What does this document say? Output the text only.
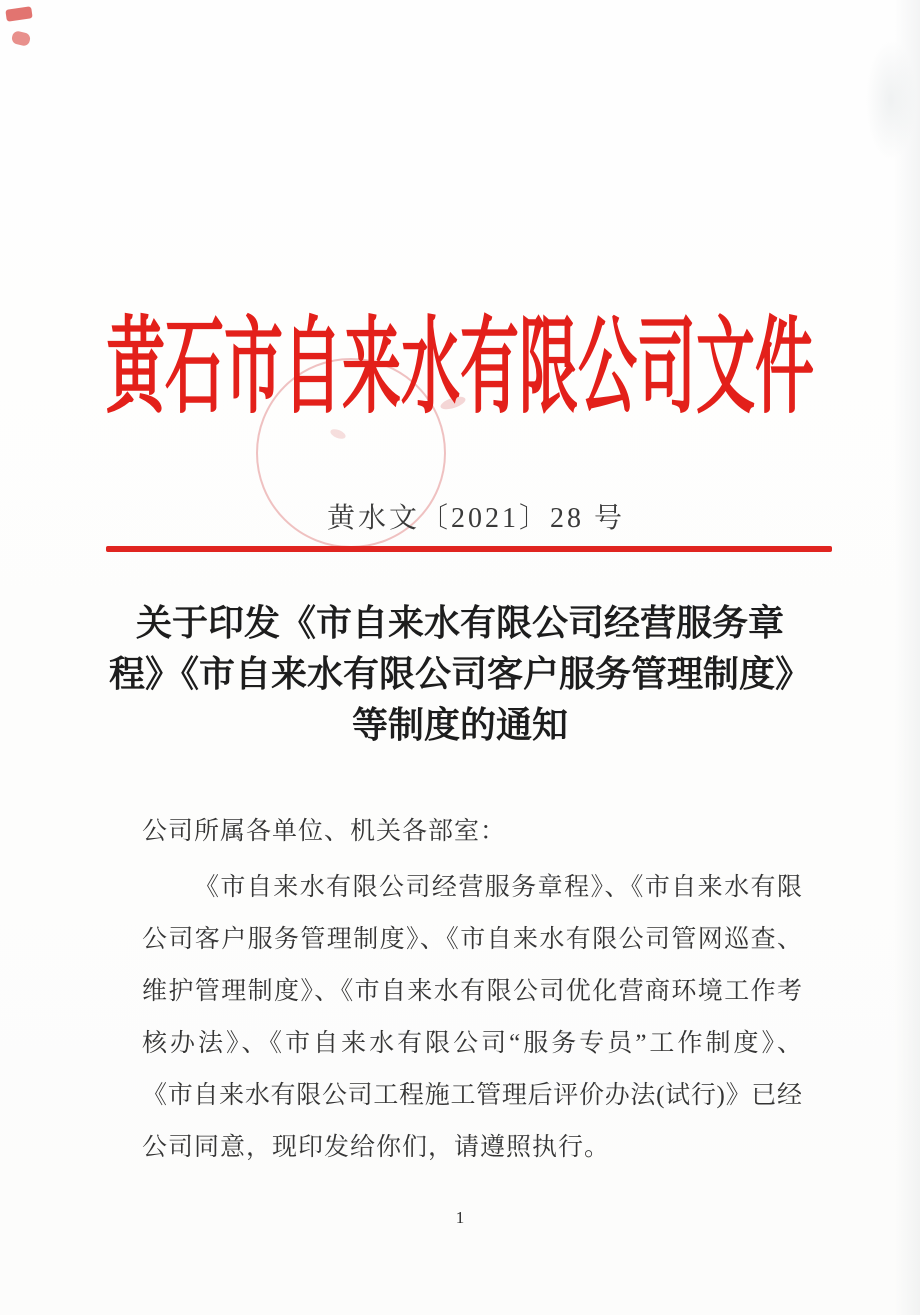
黄石市自来水有限公司文件
黄水文〔2021〕28 号
关于印发《市自来水有限公司经营服务章
程》《市自来水有限公司客户服务管理制度》
等制度的通知
公司所属各单位、机关各部室：
《市自来水有限公司经营服务章程》、《市自来水有限
公司客户服务管理制度》、《市自来水有限公司管网巡查、
维护管理制度》、《市自来水有限公司优化营商环境工作考
核办法》、《市自来水有限公司“服务专员”工作制度》、
《市自来水有限公司工程施工管理后评价办法(试行)》已经
公司同意，现印发给你们，请遵照执行。
1
